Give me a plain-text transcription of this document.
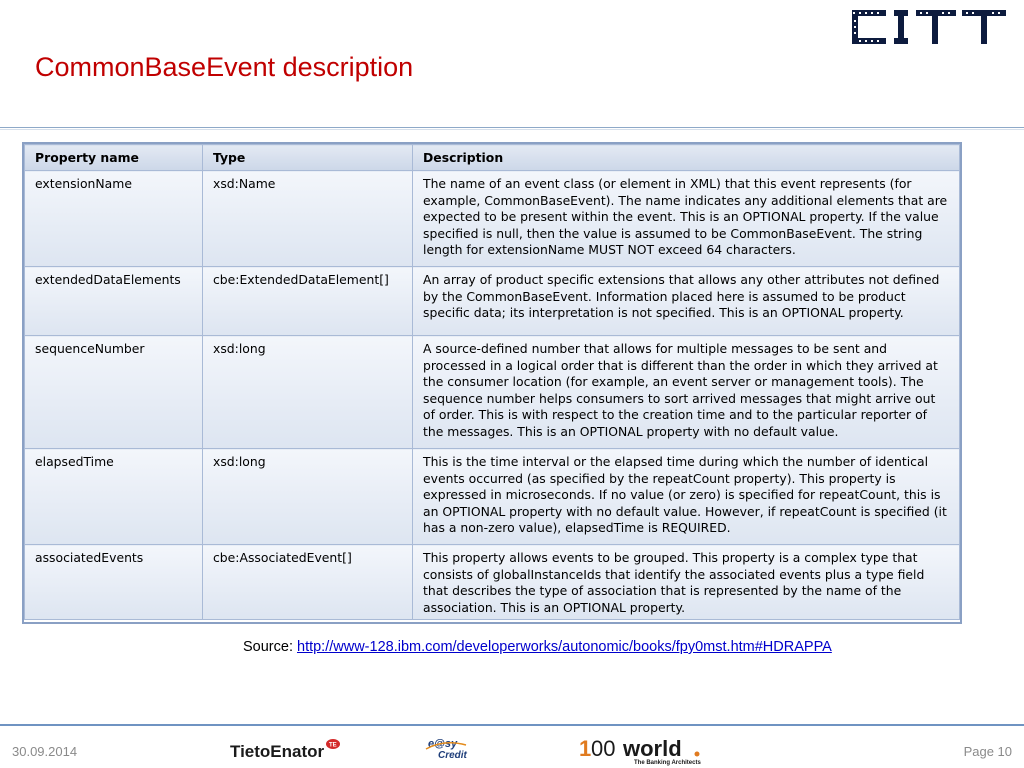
CommonBaseEvent description
Property name	Type	Description
extensionName	xsd:Name	The name of an event class (or element in XML) that this event represents (for example, CommonBaseEvent). The name indicates any additional elements that are expected to be present within the event. This is an OPTIONAL property. If the value specified is null, then the value is assumed to be CommonBaseEvent. The string length for extensionName MUST NOT exceed 64 characters.
extendedDataElements	cbe:ExtendedDataElement[]	An array of product specific extensions that allows any other attributes not defined by the CommonBaseEvent. Information placed here is assumed to be product specific data; its interpretation is not specified. This is an OPTIONAL property.
sequenceNumber	xsd:long	A source-defined number that allows for multiple messages to be sent and processed in a logical order that is different than the order in which they arrived at the consumer location (for example, an event server or management tools). The sequence number helps consumers to sort arrived messages that might arrive out of order. This is with respect to the creation time and to the particular reporter of the messages. This is an OPTIONAL property with no default value.
elapsedTime	xsd:long	This is the time interval or the elapsed time during which the number of identical events occurred (as specified by the repeatCount property). This property is expressed in microseconds. If no value (or zero) is specified for repeatCount, this is an OPTIONAL property with no default value. However, if repeatCount is specified (it has a non-zero value), elapsedTime is REQUIRED.
associatedEvents	cbe:AssociatedEvent[]	This property allows events to be grouped. This property is a complex type that consists of globalInstanceIds that identify the associated events plus a type field that describes the type of association that is represented by the name of the association. This is an OPTIONAL property.
Source: http://www-128.ibm.com/developerworks/autonomic/books/fpy0mst.htm#HDRAPPA
30.09.2014	TietoEnator TE	e@sy
Credit	1 00 world
The Banking Architects
Page 10
